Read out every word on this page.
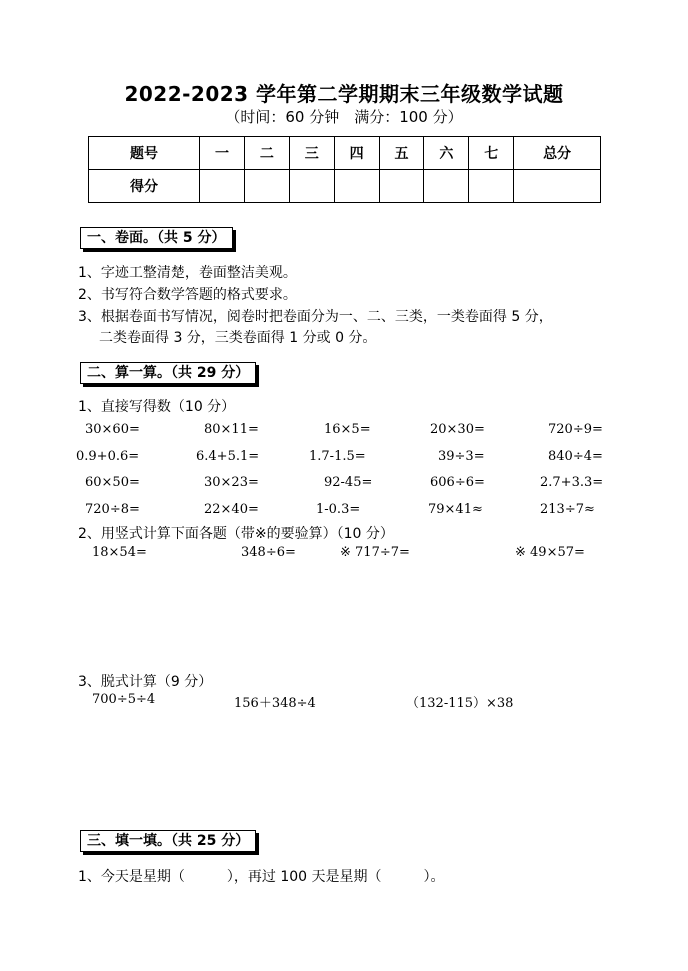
2022-2023 学年第二学期期末三年级数学试题
（时间：60 分钟　满分：100 分）
题号	一	二	三	四	五	六	七	总分
得分								
一、卷面。（共 5 分）
1、字迹工整清楚，卷面整洁美观。
2、书写符合数学答题的格式要求。
3、根据卷面书写情况，阅卷时把卷面分为一、二、三类，一类卷面得 5 分，
二类卷面得 3 分，三类卷面得 1 分或 0 分。
二、算一算。（共 29 分）
1、直接写得数（10 分）
30×60=	80×11=	16×5=	20×30=	720÷9=
0.9+0.6=	6.4+5.1=	1.7-1.5=	39÷3=	840÷4=
60×50=	30×23=	92-45=	606÷6=	2.7+3.3=
720÷8=	22×40=	1-0.3=	79×41≈	213÷7≈
2、用竖式计算下面各题（带※的要验算）（10 分）
18×54=	348÷6=	※ 717÷7=	※ 49×57=
3、脱式计算（9 分）
700÷5÷4	156＋348÷4	（132-115）×38
三、填一填。（共 25 分）
1、今天是星期（　　　），再过 100 天是星期（　　　）。
